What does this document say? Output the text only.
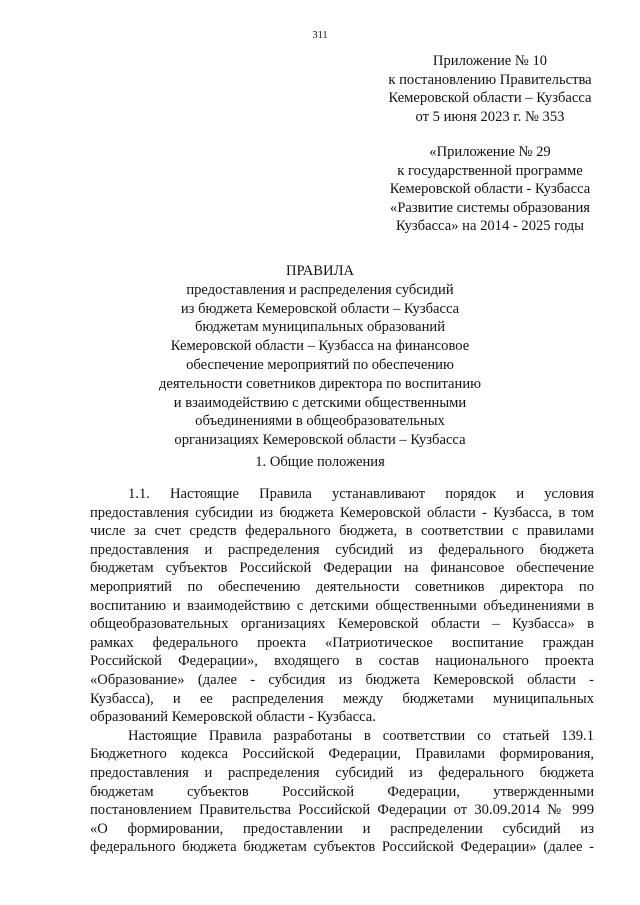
311
Приложение № 10
к постановлению Правительства
Кемеровской области – Кузбасса
от 5 июня 2023 г. № 353
«Приложение № 29
к государственной программе
Кемеровской области - Кузбасса
«Развитие системы образования
Кузбасса» на 2014 - 2025 годы
ПРАВИЛА
предоставления и распределения субсидий
из бюджета Кемеровской области – Кузбасса
бюджетам муниципальных образований
Кемеровской области – Кузбасса на финансовое
обеспечение мероприятий по обеспечению
деятельности советников директора по воспитанию
и взаимодействию с детскими общественными
объединениями в общеобразовательных
организациях Кемеровской области – Кузбасса
1. Общие положения
1.1. Настоящие Правила устанавливают порядок и условия
предоставления субсидии из бюджета Кемеровской области - Кузбасса, в том
числе за счет средств федерального бюджета, в соответствии с правилами
предоставления и распределения субсидий из федерального бюджета
бюджетам субъектов Российской Федерации на финансовое обеспечение
мероприятий по обеспечению деятельности советников директора по
воспитанию и взаимодействию с детскими общественными объединениями в
общеобразовательных организациях Кемеровской области – Кузбасса» в
рамках федерального проекта «Патриотическое воспитание граждан
Российской Федерации», входящего в состав национального проекта
«Образование» (далее - субсидия из бюджета Кемеровской области -
Кузбасса), и ее распределения между бюджетами муниципальных
образований Кемеровской области - Кузбасса.
Настоящие Правила разработаны в соответствии со статьей 139.1
Бюджетного кодекса Российской Федерации, Правилами формирования,
предоставления и распределения субсидий из федерального бюджета
бюджетам субъектов Российской Федерации, утвержденными
постановлением Правительства Российской Федерации от 30.09.2014 № 999
«О формировании, предоставлении и распределении субсидий из
федерального бюджета бюджетам субъектов Российской Федерации» (далее -
